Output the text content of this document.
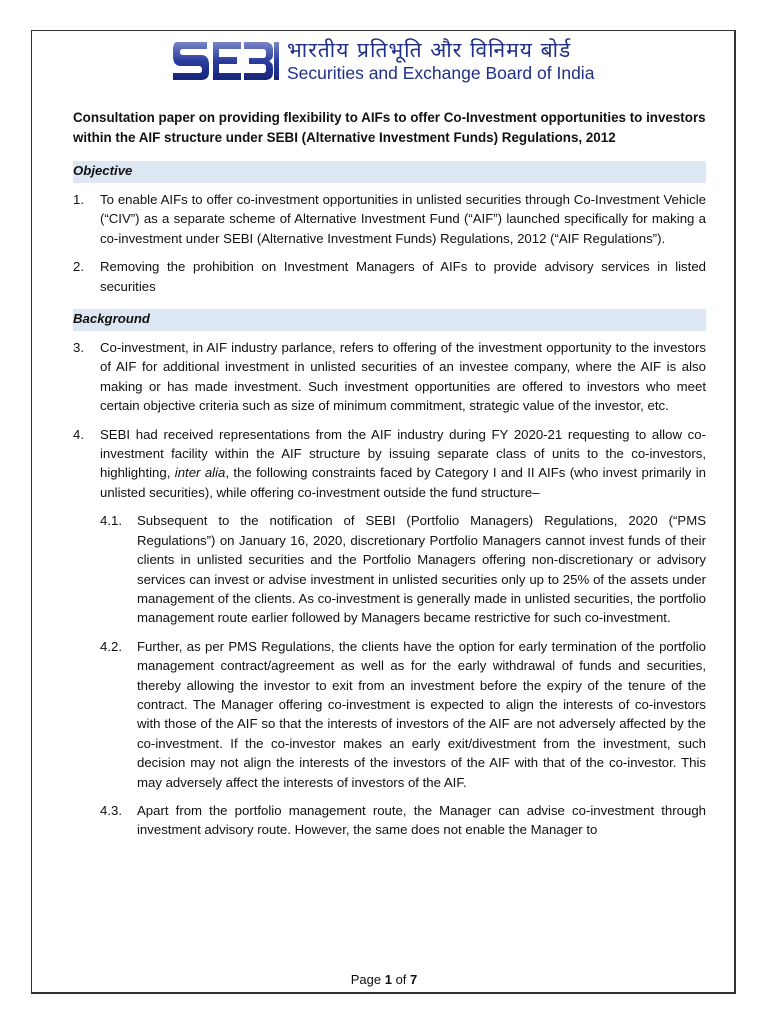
भारतीय प्रतिभूति और विनिमय बोर्ड
Securities and Exchange Board of India
Consultation paper on providing flexibility to AIFs to offer Co-Investment opportunities to investors within the AIF structure under SEBI (Alternative Investment Funds) Regulations, 2012
Objective
1. To enable AIFs to offer co-investment opportunities in unlisted securities through Co-Investment Vehicle (“CIV”) as a separate scheme of Alternative Investment Fund (“AIF”) launched specifically for making a co-investment under SEBI (Alternative Investment Funds) Regulations, 2012 (“AIF Regulations”).
2. Removing the prohibition on Investment Managers of AIFs to provide advisory services in listed securities
Background
3. Co-investment, in AIF industry parlance, refers to offering of the investment opportunity to the investors of AIF for additional investment in unlisted securities of an investee company, where the AIF is also making or has made investment. Such investment opportunities are offered to investors who meet certain objective criteria such as size of minimum commitment, strategic value of the investor, etc.
4. SEBI had received representations from the AIF industry during FY 2020-21 requesting to allow co-investment facility within the AIF structure by issuing separate class of units to the co-investors, highlighting, inter alia, the following constraints faced by Category I and II AIFs (who invest primarily in unlisted securities), while offering co-investment outside the fund structure–
4.1. Subsequent to the notification of SEBI (Portfolio Managers) Regulations, 2020 (“PMS Regulations”) on January 16, 2020, discretionary Portfolio Managers cannot invest funds of their clients in unlisted securities and the Portfolio Managers offering non-discretionary or advisory services can invest or advise investment in unlisted securities only up to 25% of the assets under management of the clients. As co-investment is generally made in unlisted securities, the portfolio management route earlier followed by Managers became restrictive for such co-investment.
4.2. Further, as per PMS Regulations, the clients have the option for early termination of the portfolio management contract/agreement as well as for the early withdrawal of funds and securities, thereby allowing the investor to exit from an investment before the expiry of the tenure of the contract. The Manager offering co-investment is expected to align the interests of co-investors with those of the AIF so that the interests of investors of the AIF are not adversely affected by the co-investment. If the co-investor makes an early exit/divestment from the investment, such decision may not align the interests of the investors of the AIF with that of the co-investor. This may adversely affect the interests of investors of the AIF.
4.3. Apart from the portfolio management route, the Manager can advise co-investment through investment advisory route. However, the same does not enable the Manager to
Page 1 of 7
